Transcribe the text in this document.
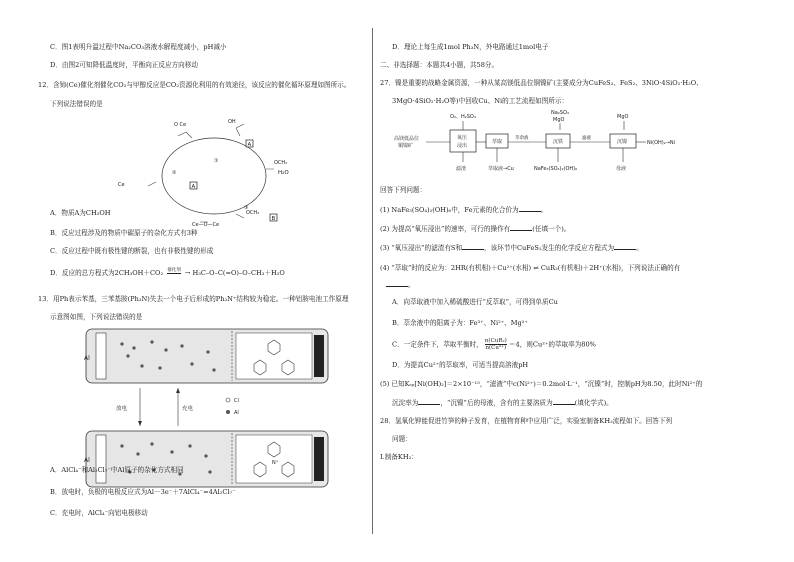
C．图1表明升温过程中Na₂CO₃溶液水解程度减小，pH减小
D．由图2可知降低温度时，平衡向正反应方向移动
12．含铈(Ce)催化剂催化CO₂与甲醇反应是CO₂资源化利用的有效途径，该反应的催化循环原理如图所示。
下列说法错误的是
O Ce	OH
OCH₃
Ce
Ce—O—Ce
OCH₃
A
A
B
①
②
③
H₂O
A．物质A为CH₃OH
B．反应过程涉及的物质中碳原子的杂化方式有3种
C．反应过程中既有极性键的断裂，也有非极性键的形成
D．反应的总方程式为2CH₃OH＋CO₂ $^{催化剂}$ → H₃C–O–C(=O)–O–CH₃＋H₂O
13．用Ph表示苯基，三苯基胺(Ph₃N)失去一个电子后形成的Ph₃N⁺结构较为稳定。一种铝胺电池工作原理
示意图如图，下列说法错误的是
Al
Al	N⁺
放电	充电
Cl
Al
A．AlCl₄⁻和Al₂Cl₇⁻中Al原子的杂化方式相同
B．放电时，负极的电极反应式为Al－3e⁻＋7AlCl₄⁻=4Al₂Cl₇⁻
C．充电时，AlCl₄⁻向铝电极移动
D．理论上每生成1mol Ph₃N，外电路通过1mol电子
二、非选择题：本题共4小题，共58分。
27．镍是重要的战略金属资源，一种从某高镁低品位铜镍矿(主要成分为CuFeS₂、FeS₂、3NiO·4SiO₂·H₂O、
3MgO·4SiO₂·H₂O等)中回收Cu、Ni的工艺流程如图所示：
O₂、H₂SO₄
Na₂SO₄
MgO	MgO
高镁低品位
铜镍矿
氧压
浸出
萃取
萃余液
沉铁
滤液
沉镍	Ni(OH)₂→Ni
滤渣	萃取液→Cu	NaFe₃(SO₄)₂(OH)₆	母液
回答下列问题：
(1) NaFe₃(SO₄)₂(OH)₆中，Fe元素的化合价为	。
(2) 为提高“氧压浸出”的速率，可行的操作有	(任填一个)。
(3) “氧压浸出”的滤渣有S和	，该环节中CuFeS₂发生的化学反应方程式为	。
(4) “萃取”时的反应为：2HR(有机相)＋Cu²⁺(水相) ⇌ CuR₂(有机相)＋2H⁺(水相)，下列说法正确的有
。
A．向萃取液中加入稀硫酸进行“反萃取”，可得到单质Cu
B．萃余液中的阳离子为：Fe³⁺、Ni²⁺、Mg²⁺
C．一定条件下，萃取平衡时， n(CuR₂)
n(Cu²⁺) ＝4，则Cu²⁺的萃取率为80%
D．为提高Cu²⁺的萃取率，可适当提高溶液pH
(5) 已知Kₛₚ[Ni(OH)₂]＝2×10⁻¹⁵，“滤液”中c(Ni²⁺)＝0.2mol·L⁻¹，“沉镍”时，控制pH为8.50，此时Ni²⁺的
沉淀率为	，“沉镍”后的母液，含有的主要溶质为	(填化学式)。
28．氢氧化钾能促进竹笋的种子发育，在植物育种中应用广泛，实验室制备KH₂流程如下。回答下列
问题：
I.制备KH₂：
